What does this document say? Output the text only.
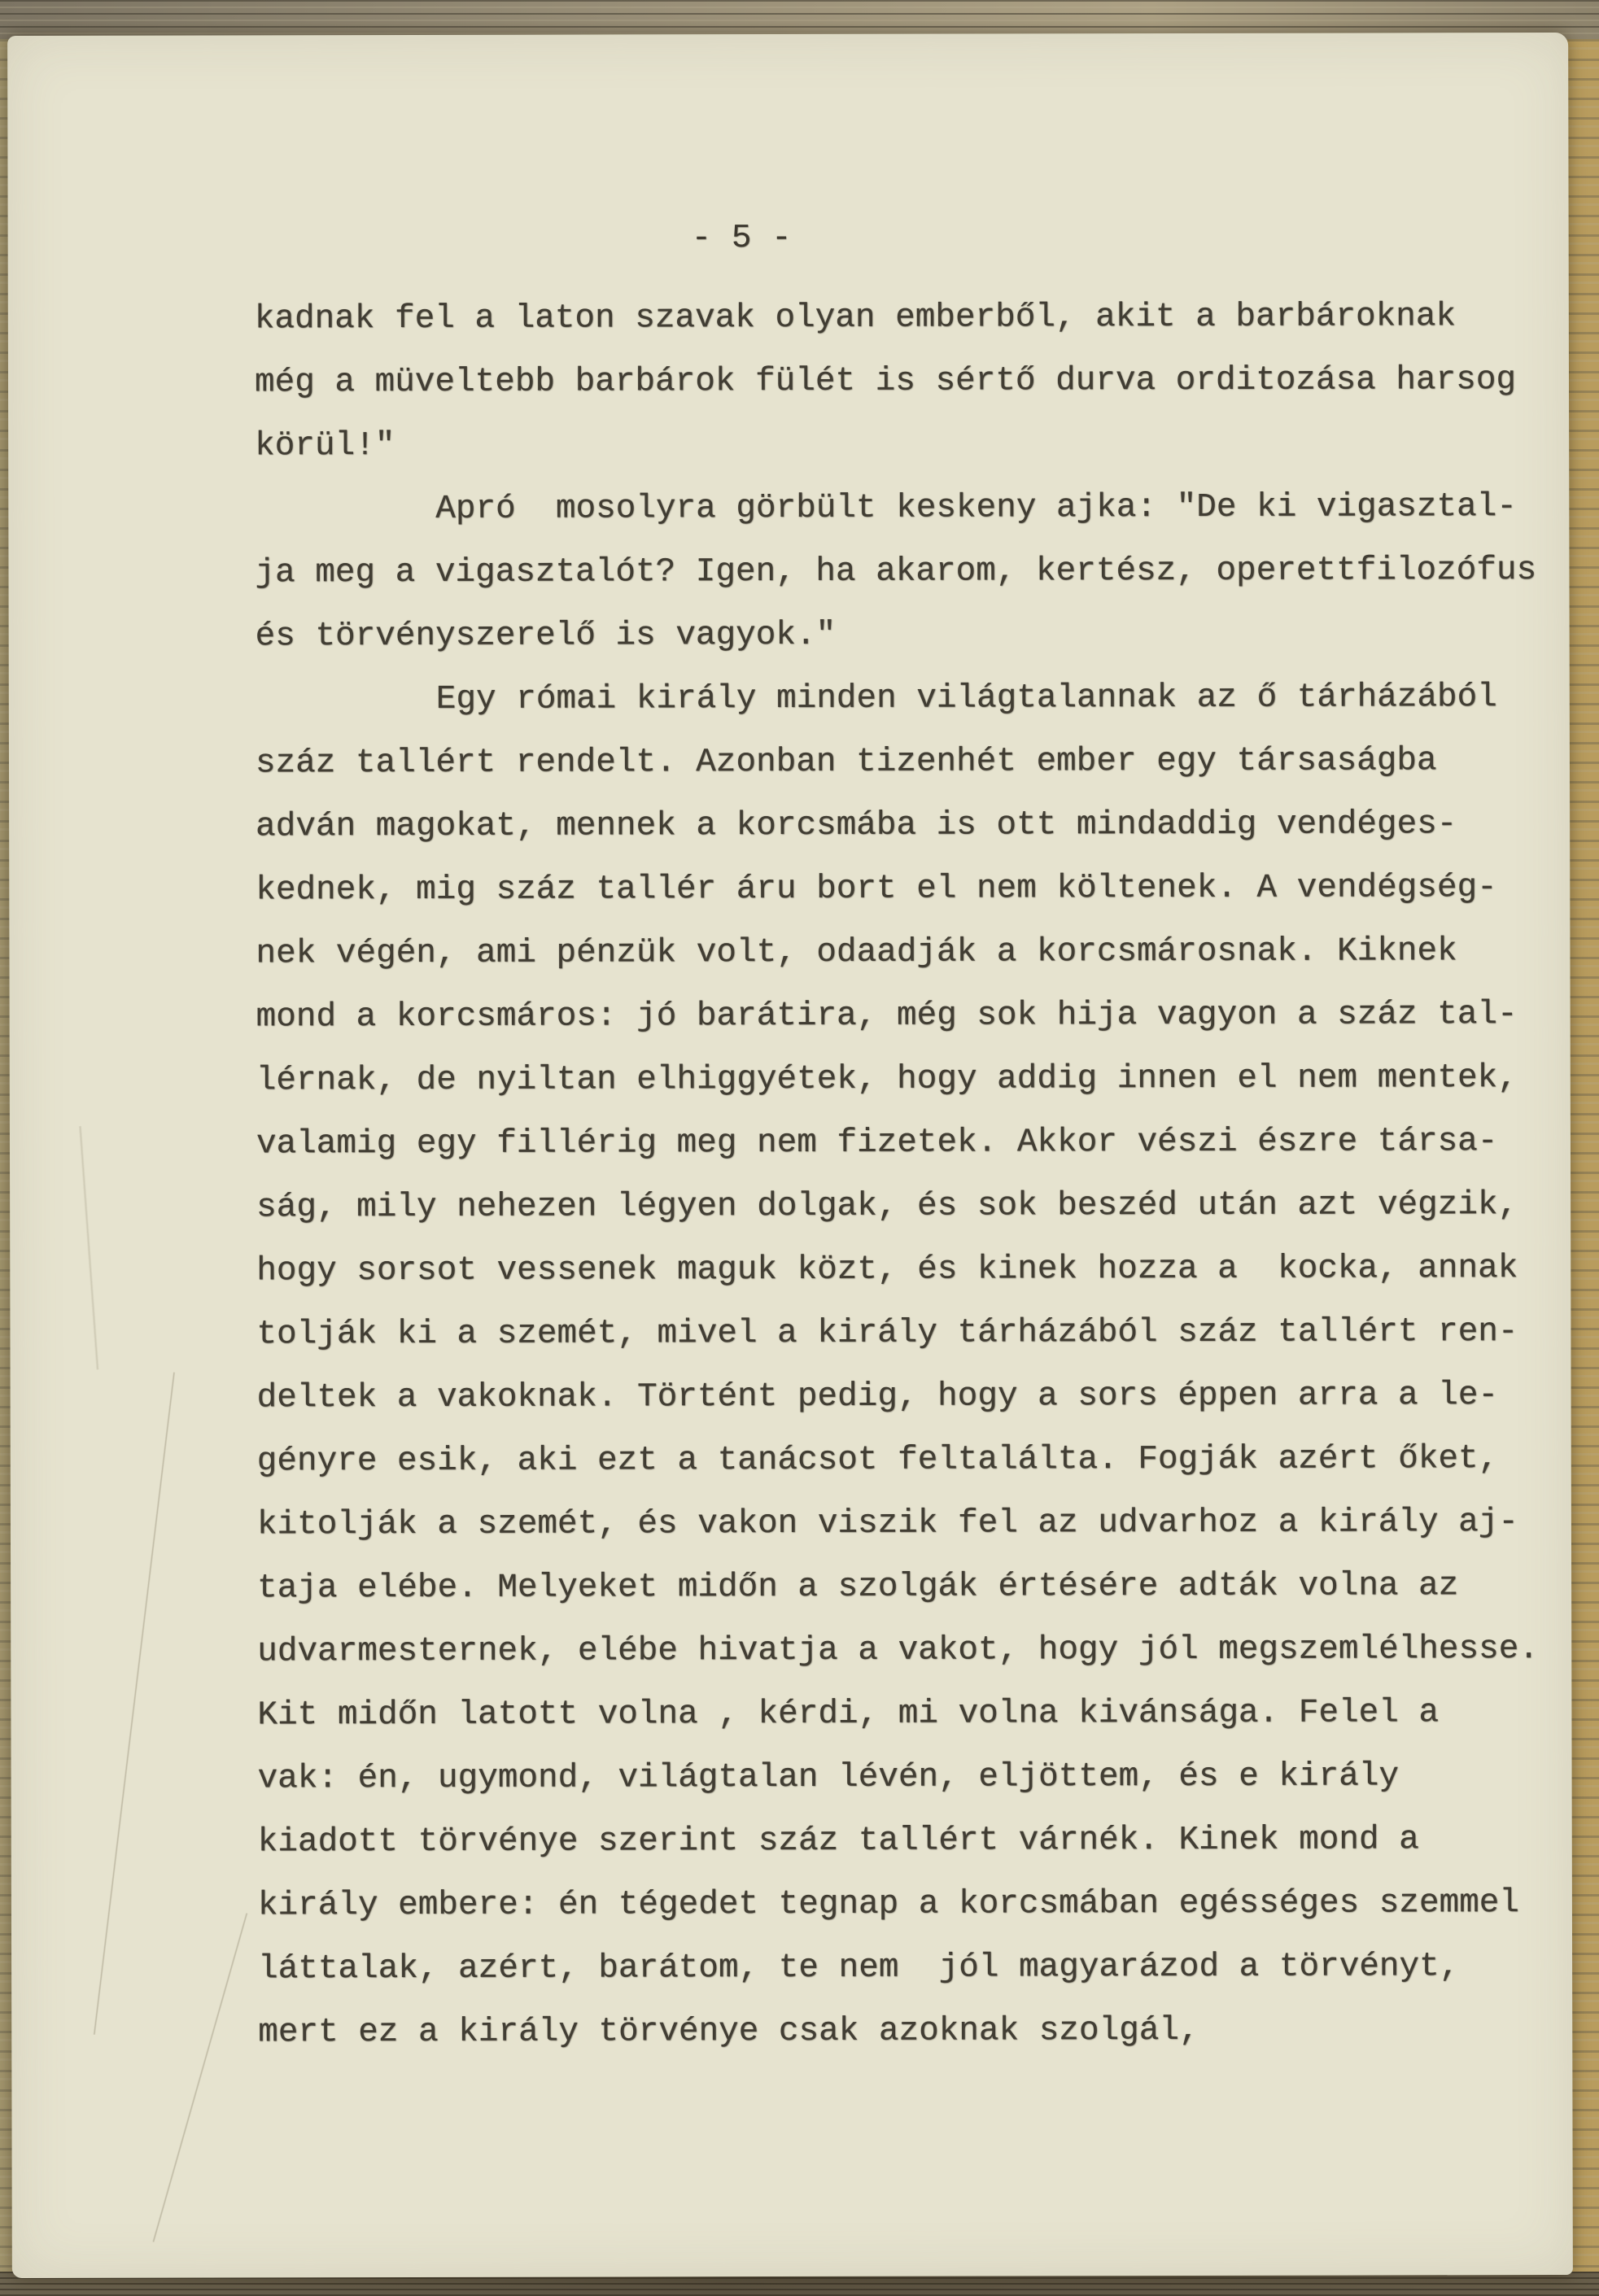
- 5 -
kadnak fel a laton szavak olyan emberből, akit a barbároknak
még a müveltebb barbárok fülét is sértő durva orditozása harsog
körül!"
Apró  mosolyra görbült keskeny ajka: "De ki vigasztal-
ja meg a vigasztalót? Igen, ha akarom, kertész, operettfilozófus
és törvényszerelő is vagyok."
Egy római király minden világtalannak az ő tárházából
száz tallért rendelt. Azonban tizenhét ember egy társaságba
adván magokat, mennek a korcsmába is ott mindaddig vendéges-
kednek, mig száz tallér áru bort el nem költenek. A vendégség-
nek végén, ami pénzük volt, odaadják a korcsmárosnak. Kiknek
mond a korcsmáros: jó barátira, még sok hija vagyon a száz tal-
lérnak, de nyiltan elhiggyétek, hogy addig innen el nem mentek,
valamig egy fillérig meg nem fizetek. Akkor vészi észre társa-
ság, mily nehezen légyen dolgak, és sok beszéd után azt végzik,
hogy sorsot vessenek maguk közt, és kinek hozza a  kocka, annak
tolják ki a szemét, mivel a király tárházából száz tallért ren-
deltek a vakoknak. Történt pedig, hogy a sors éppen arra a le-
gényre esik, aki ezt a tanácsot feltalálta. Fogják azért őket,
kitolják a szemét, és vakon viszik fel az udvarhoz a király aj-
taja elébe. Melyeket midőn a szolgák értésére adták volna az
udvarmesternek, elébe hivatja a vakot, hogy jól megszemlélhesse.
Kit midőn latott volna , kérdi, mi volna kivánsága. Felel a
vak: én, ugymond, világtalan lévén, eljöttem, és e király
kiadott törvénye szerint száz tallért várnék. Kinek mond a
király embere: én tégedet tegnap a korcsmában egésséges szemmel
láttalak, azért, barátom, te nem  jól magyarázod a törvényt,
mert ez a király törvénye csak azoknak szolgál,
